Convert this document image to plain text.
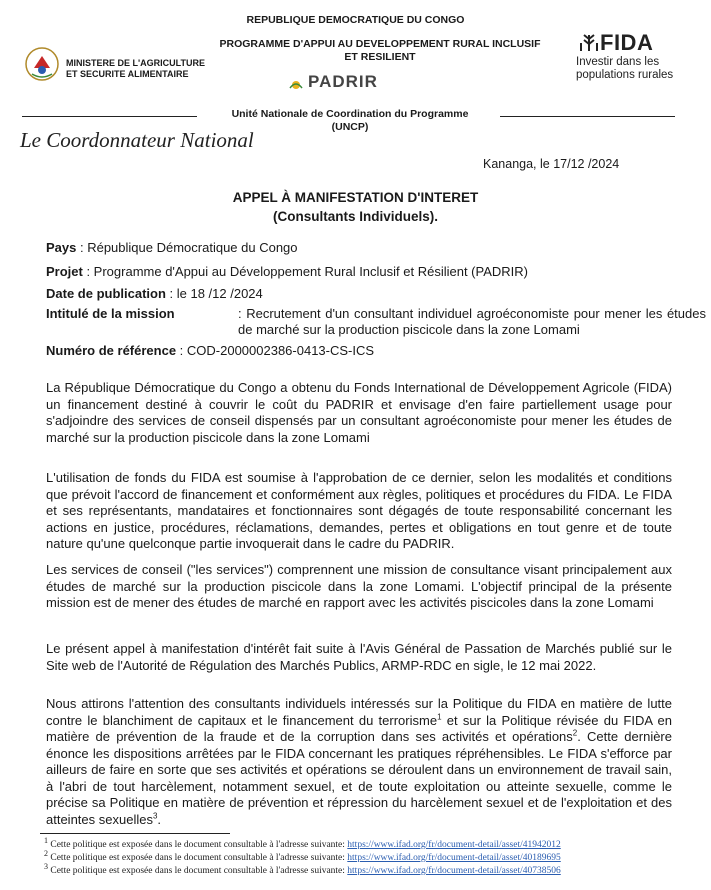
REPUBLIQUE DEMOCRATIQUE DU CONGO
PROGRAMME D'APPUI AU DEVELOPPEMENT RURAL INCLUSIF
ET RESILIENT
MINISTERE DE L'AGRICULTURE
ET SECURITE ALIMENTAIRE	PADRIR
FIDA
Investir dans les
populations rurales
Unité Nationale de Coordination du Programme
(UNCP)
Le Coordonnateur National
Kananga, le 17/12 /2024
APPEL À MANIFESTATION D'INTERET
(Consultants Individuels).
Pays : République Démocratique du Congo
Projet : Programme d'Appui au Développement Rural Inclusif et Résilient (PADRIR)
Date de publication : le 18 /12 /2024
Intitulé de la mission	: Recrutement d'un consultant individuel agroéconomiste pour mener les études de marché sur la production piscicole dans la zone Lomami
Numéro de référence : COD-2000002386-0413-CS-ICS
La République Démocratique du Congo a obtenu du Fonds International de Développement Agricole (FIDA) un financement destiné à couvrir le coût du PADRIR et envisage d'en faire partiellement usage pour s'adjoindre des services de conseil dispensés par un consultant agroéconomiste pour mener les études de marché sur la production piscicole dans la zone Lomami
L'utilisation de fonds du FIDA est soumise à l'approbation de ce dernier, selon les modalités et conditions que prévoit l'accord de financement et conformément aux règles, politiques et procédures du FIDA. Le FIDA et ses représentants, mandataires et fonctionnaires sont dégagés de toute responsabilité concernant les actions en justice, procédures, réclamations, demandes, pertes et obligations en tout genre et de toute nature qu'une quelconque partie invoquerait dans le cadre du PADRIR.
Les services de conseil ("les services") comprennent une mission de consultance visant principalement aux études de marché sur la production piscicole dans la zone Lomami. L'objectif principal de la présente mission est de mener des études de marché en rapport avec les activités piscicoles dans la zone Lomami
Le présent appel à manifestation d'intérêt fait suite à l'Avis Général de Passation de Marchés publié sur le Site web de l'Autorité de Régulation des Marchés Publics, ARMP-RDC en sigle, le 12 mai 2022.
Nous attirons l'attention des consultants individuels intéressés sur la Politique du FIDA en matière de lutte contre le blanchiment de capitaux et le financement du terrorisme$^1$ et sur la Politique révisée du FIDA en matière de prévention de la fraude et de la corruption dans ses activités et opérations$^2$. Cette dernière énonce les dispositions arrêtées par le FIDA concernant les pratiques répréhensibles. Le FIDA s'efforce par ailleurs de faire en sorte que ses activités et opérations se déroulent dans un environnement de travail sain, à l'abri de tout harcèlement, notamment sexuel, et de toute exploitation ou atteinte sexuelle, comme le précise sa Politique en matière de prévention et répression du harcèlement sexuel et de l'exploitation et des atteintes sexuelles$^3$.
$^1$ Cette politique est exposée dans le document consultable à l'adresse suivante: https://www.ifad.org/fr/document-detail/asset/41942012
$^2$ Cette politique est exposée dans le document consultable à l'adresse suivante: https://www.ifad.org/fr/document-detail/asset/40189695
$^3$ Cette politique est exposée dans le document consultable à l'adresse suivante: https://www.ifad.org/fr/document-detail/asset/40738506
